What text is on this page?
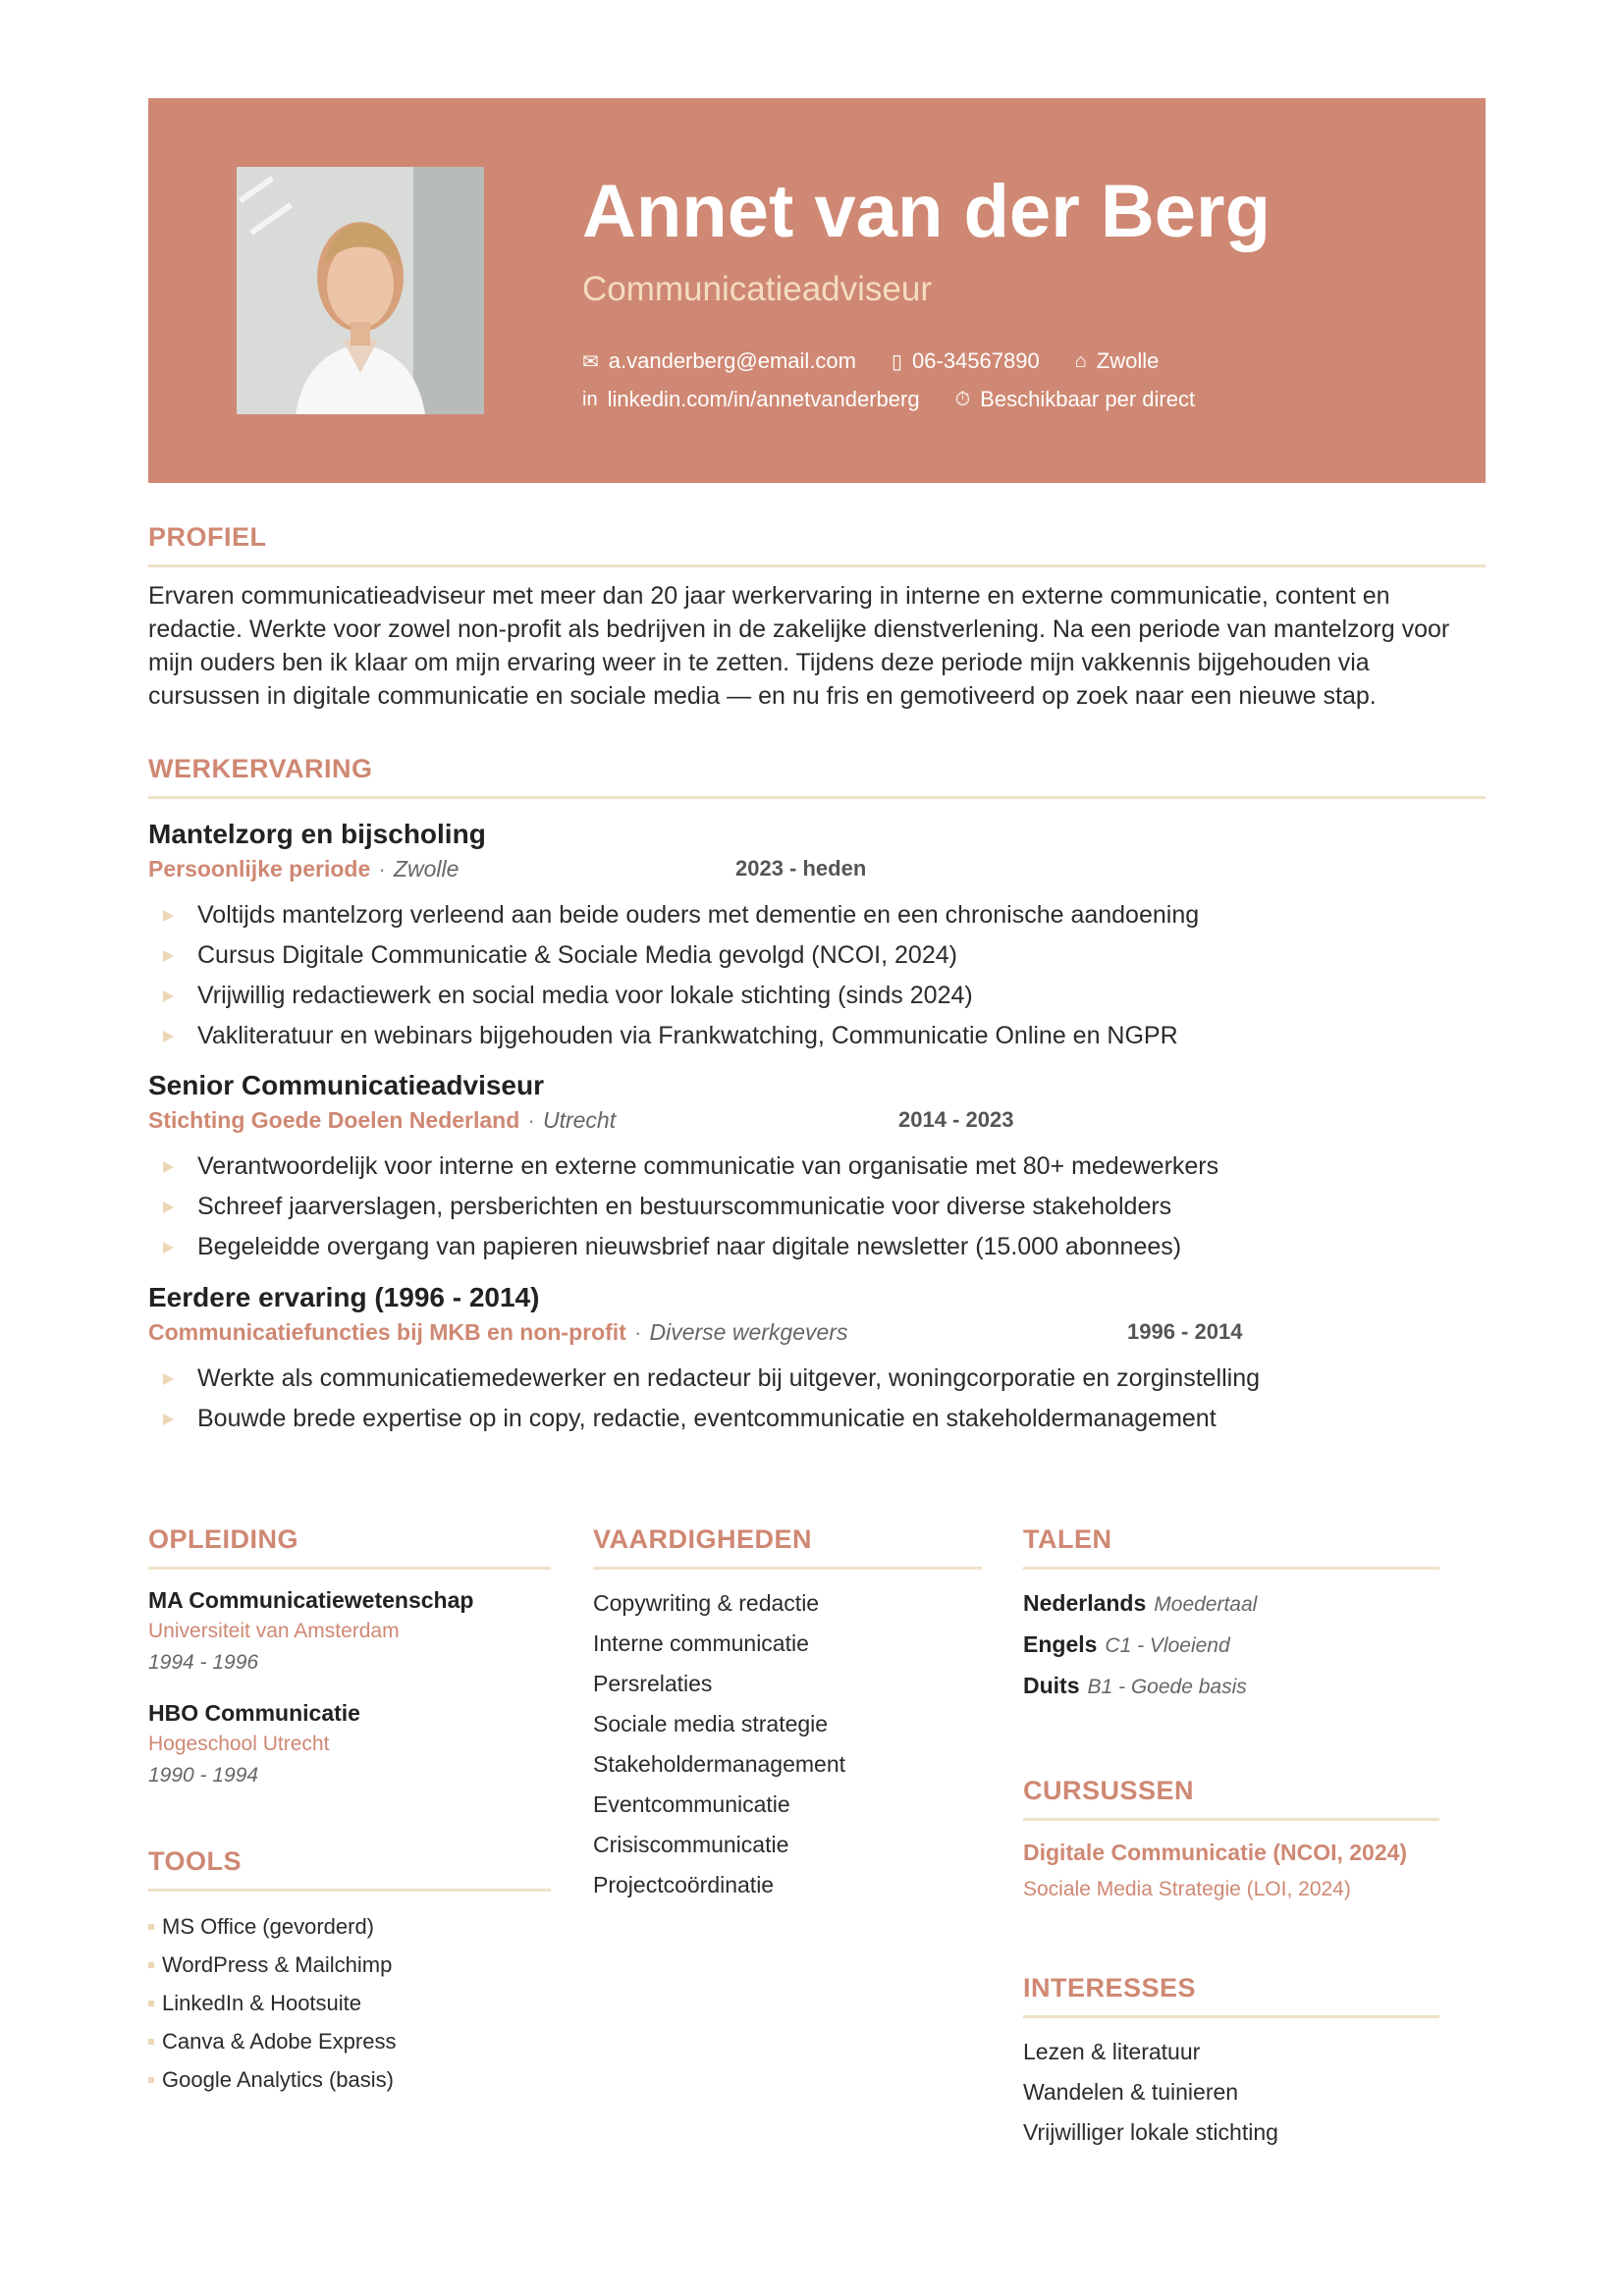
Annet van der Berg
Communicatieadviseur
✉ a.vanderberg@email.com ▯ 06-34567890 ⌂ Zwolle
in linkedin.com/in/annetvanderberg ⏱ Beschikbaar per direct
PROFIEL
Ervaren communicatieadviseur met meer dan 20 jaar werkervaring in interne en externe communicatie, content en redactie. Werkte voor zowel non-profit als bedrijven in de zakelijke dienstverlening. Na een periode van mantelzorg voor mijn ouders ben ik klaar om mijn ervaring weer in te zetten. Tijdens deze periode mijn vakkennis bijgehouden via cursussen in digitale communicatie en sociale media — en nu fris en gemotiveerd op zoek naar een nieuwe stap.
WERKERVARING
Mantelzorg en bijscholing
Persoonlijke periode · Zwolle	2023 - heden
Voltijds mantelzorg verleend aan beide ouders met dementie en een chronische aandoening
Cursus Digitale Communicatie & Sociale Media gevolgd (NCOI, 2024)
Vrijwillig redactiewerk en social media voor lokale stichting (sinds 2024)
Vakliteratuur en webinars bijgehouden via Frankwatching, Communicatie Online en NGPR
Senior Communicatieadviseur
Stichting Goede Doelen Nederland · Utrecht	2014 - 2023
Verantwoordelijk voor interne en externe communicatie van organisatie met 80+ medewerkers
Schreef jaarverslagen, persberichten en bestuurscommunicatie voor diverse stakeholders
Begeleidde overgang van papieren nieuwsbrief naar digitale newsletter (15.000 abonnees)
Eerdere ervaring (1996 - 2014)
Communicatiefuncties bij MKB en non-profit · Diverse werkgevers	1996 - 2014
Werkte als communicatiemedewerker en redacteur bij uitgever, woningcorporatie en zorginstelling
Bouwde brede expertise op in copy, redactie, eventcommunicatie en stakeholdermanagement
OPLEIDING
MA Communicatiewetenschap
Universiteit van Amsterdam
1994 - 1996
HBO Communicatie
Hogeschool Utrecht
1990 - 1994
TOOLS
MS Office (gevorderd)
WordPress & Mailchimp
LinkedIn & Hootsuite
Canva & Adobe Express
Google Analytics (basis)
VAARDIGHEDEN
Copywriting & redactie
Interne communicatie
Persrelaties
Sociale media strategie
Stakeholdermanagement
Eventcommunicatie
Crisiscommunicatie
Projectcoördinatie
TALEN
Nederlands Moedertaal
Engels C1 - Vloeiend
Duits B1 - Goede basis
CURSUSSEN
Digitale Communicatie (NCOI, 2024)
Sociale Media Strategie (LOI, 2024)
INTERESSES
Lezen & literatuur
Wandelen & tuinieren
Vrijwilliger lokale stichting
